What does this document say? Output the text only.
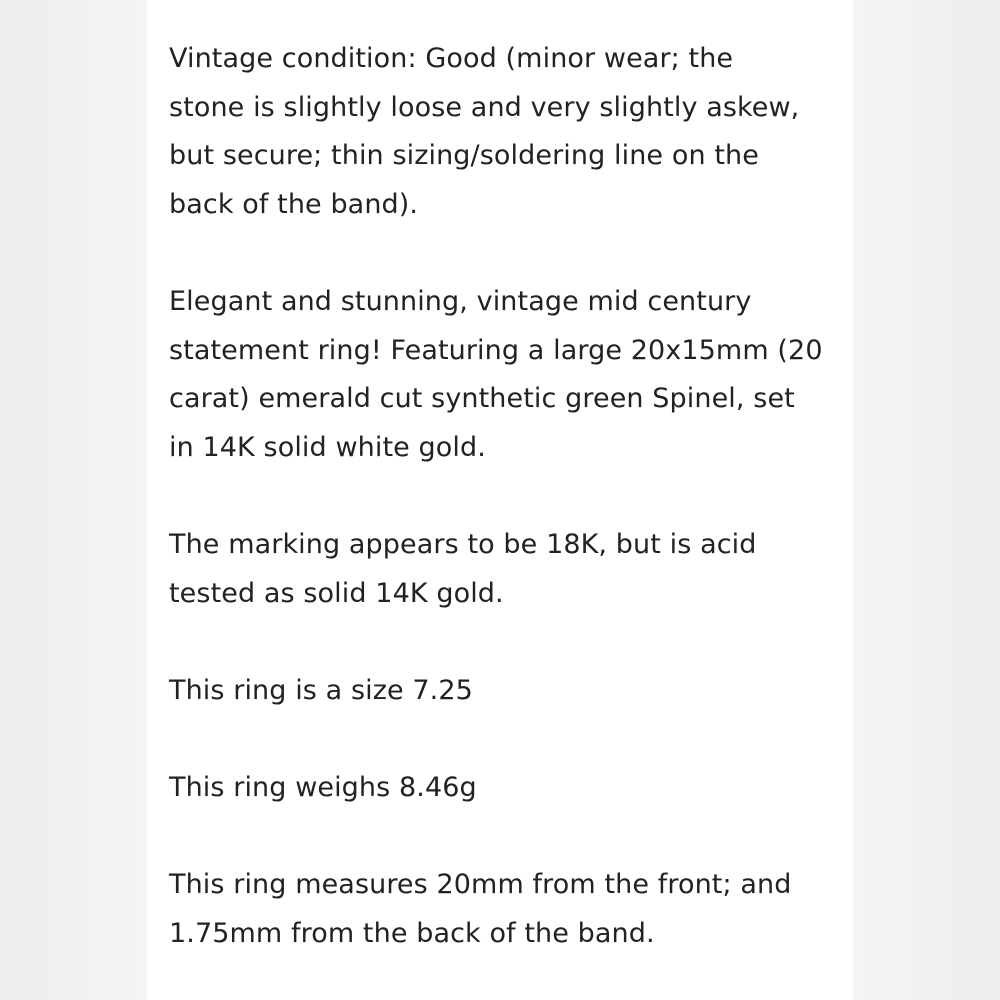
Vintage condition: Good (minor wear; the
stone is slightly loose and very slightly askew,
but secure; thin sizing/soldering line on the
back of the band).

Elegant and stunning, vintage mid century
statement ring! Featuring a large 20x15mm (20
carat) emerald cut synthetic green Spinel, set
in 14K solid white gold.

The marking appears to be 18K, but is acid
tested as solid 14K gold.

This ring is a size 7.25

This ring weighs 8.46g

This ring measures 20mm from the front; and
1.75mm from the back of the band.
